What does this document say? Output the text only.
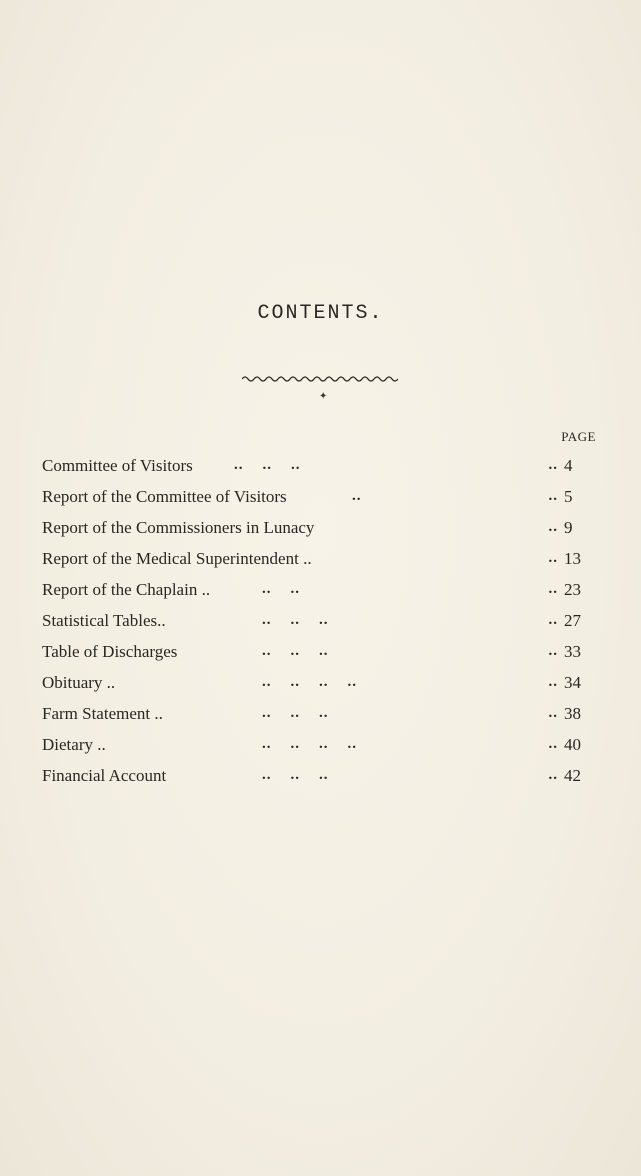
CONTENTS.
✦
PAGE
Committee of Visitors	..    ..    ..	.. 4
Report of the Committee of Visitors	..	.. 5
Report of the Commissioners in Lunacy	.. 9
Report of the Medical Superintendent ..	.. 13
Report of the Chaplain ..	..    ..	.. 23
Statistical Tables..	..    ..    ..	.. 27
Table of Discharges	..    ..    ..	.. 33
Obituary ..	..    ..    ..    ..	.. 34
Farm Statement ..	..    ..    ..	.. 38
Dietary ..	..    ..    ..    ..	.. 40
Financial Account	..    ..    ..	.. 42
